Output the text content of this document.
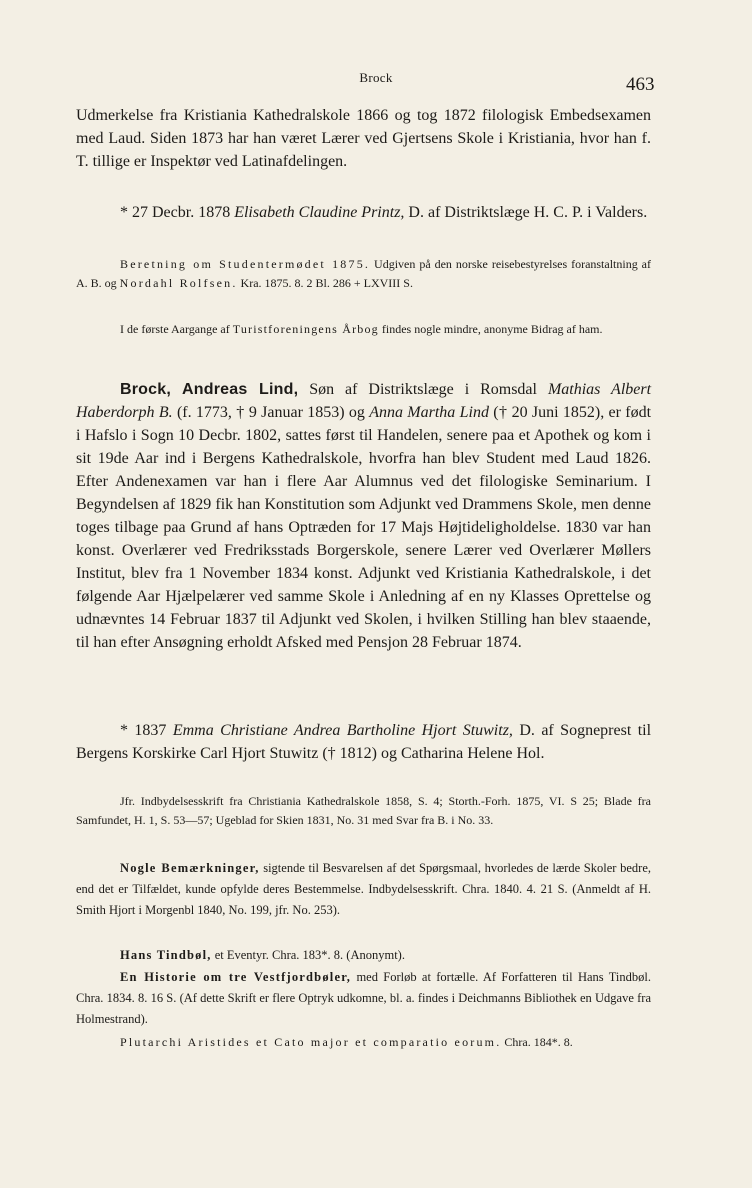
Brock	463

Udmerkelse fra Kristiania Kathedralskole 1866 og tog 1872 filologisk Embedsexamen med Laud. Siden 1873 har han været Lærer ved Gjertsens Skole i Kristiania, hvor han f. T. tillige er Inspektør ved Latinafdelingen.

* 27 Decbr. 1878 Elisabeth Claudine Printz, D. af Distriktslæge H. C. P. i Valders.

Beretning om Studentermødet 1875. Udgiven på den norske reisebestyrelses foranstaltning af A. B. og Nordahl Rolfsen. Kra. 1875. 8. 2 Bl. 286 + LXVIII S.

I de første Aargange af Turistforeningens Årbog findes nogle mindre, anonyme Bidrag af ham.

Brock, Andreas Lind, Søn af Distriktslæge i Romsdal Mathias Albert Haberdorph B. (f. 1773, † 9 Januar 1853) og Anna Martha Lind († 20 Juni 1852), er født i Hafslo i Sogn 10 Decbr. 1802, sattes først til Handelen, senere paa et Apothek og kom i sit 19de Aar ind i Bergens Kathedralskole, hvorfra han blev Student med Laud 1826. Efter Andenexamen var han i flere Aar Alumnus ved det filologiske Seminarium. I Begyndelsen af 1829 fik han Konstitution som Adjunkt ved Drammens Skole, men denne toges tilbage paa Grund af hans Optræden for 17 Majs Højtideligholdelse. 1830 var han konst. Overlærer ved Fredriksstads Borgerskole, senere Lærer ved Overlærer Møllers Institut, blev fra 1 November 1834 konst. Adjunkt ved Kristiania Kathedralskole, i det følgende Aar Hjælpelærer ved samme Skole i Anledning af en ny Klasses Oprettelse og udnævntes 14 Februar 1837 til Adjunkt ved Skolen, i hvilken Stilling han blev staaende, til han efter Ansøgning erholdt Afsked med Pensjon 28 Februar 1874.

* 1837 Emma Christiane Andrea Bartholine Hjort Stuwitz, D. af Sogneprest til Bergens Korskirke Carl Hjort Stuwitz († 1812) og Catharina Helene Hol.

Jfr. Indbydelsesskrift fra Christiania Kathedralskole 1858, S. 4; Storth.-Forh. 1875, VI. S 25; Blade fra Samfundet, H. 1, S. 53—57; Ugeblad for Skien 1831, No. 31 med Svar fra B. i No. 33.

Nogle Bemærkninger, sigtende til Besvarelsen af det Spørgsmaal, hvorledes de lærde Skoler bedre, end det er Tilfældet, kunde opfylde deres Bestemmelse. Indbydelsesskrift. Chra. 1840. 4. 21 S. (Anmeldt af H. Smith Hjort i Morgenbl 1840, No. 199, jfr. No. 253).

Hans Tindbøl, et Eventyr. Chra. 183*. 8. (Anonymt).

En Historie om tre Vestfjordbøler, med Forløb at fortælle. Af Forfatteren til Hans Tindbøl. Chra. 1834. 8. 16 S. (Af dette Skrift er flere Optryk udkomne, bl. a. findes i Deichmanns Bibliothek en Udgave fra Holmestrand).

Plutarchi Aristides et Cato major et comparatio eorum. Chra. 184*. 8.
